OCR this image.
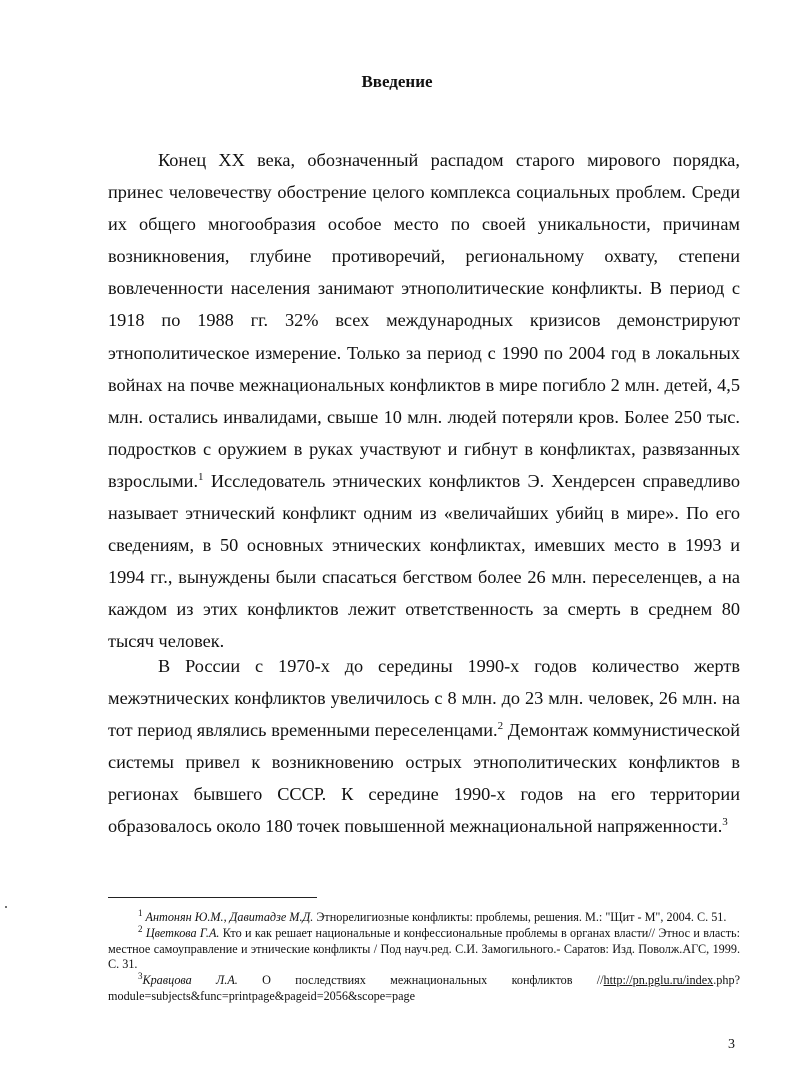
Введение

Конец XX века, обозначенный распадом старого мирового порядка, принес человечеству обострение целого комплекса социальных проблем. Среди их общего многообразия особое место по своей уникальности, причинам возникновения, глубине противоречий, региональному охвату, степени вовлеченности населения занимают этнополитические конфликты. В период с 1918 по 1988 гг. 32% всех международных кризисов демонстрируют этнополитическое измерение. Только за период с 1990 по 2004 год в локальных войнах на почве межнациональных конфликтов в мире погибло 2 млн. детей, 4,5 млн. остались инвалидами, свыше 10 млн. людей потеряли кров. Более 250 тыс. подростков с оружием в руках участвуют и гибнут в конфликтах, развязанных взрослыми.$^1$ Исследователь этнических конфликтов Э. Хендерсен справедливо называет этнический конфликт одним из «величайших убийц в мире». По его сведениям, в 50 основных этнических конфликтах, имевших место в 1993 и 1994 гг., вынуждены были спасаться бегством более 26 млн. переселенцев, а на каждом из этих конфликтов лежит ответственность за смерть в среднем 80 тысяч человек.

В России с 1970-х до середины 1990-х годов количество жертв межэтнических конфликтов увеличилось с 8 млн. до 23 млн. человек, 26 млн. на тот период являлись временными переселенцами.$^2$ Демонтаж коммунистической системы привел к возникновению острых этнополитических конфликтов в регионах бывшего СССР. К середине 1990-х годов на его территории образовалось около 180 точек повышенной межнациональной напряженности.$^3$

$^1$ Антонян Ю.М., Давитадзе М.Д. Этнорелигиозные конфликты: проблемы, решения. М.: "Щит - М", 2004. С. 51.

$^2$ Цветкова Г.А. Кто и как решает национальные и конфессиональные проблемы в органах власти// Этнос и власть: местное самоуправление и этнические конфликты / Под науч.ред. С.И. Замогильного.- Саратов: Изд. Поволж.АГС, 1999. С. 31.

$^3$Кравцова Л.А. О последствиях межнациональных конфликтов //http://pn.pglu.ru/index.php?module=subjects&func=printpage&pageid=2056&scope=page

3
